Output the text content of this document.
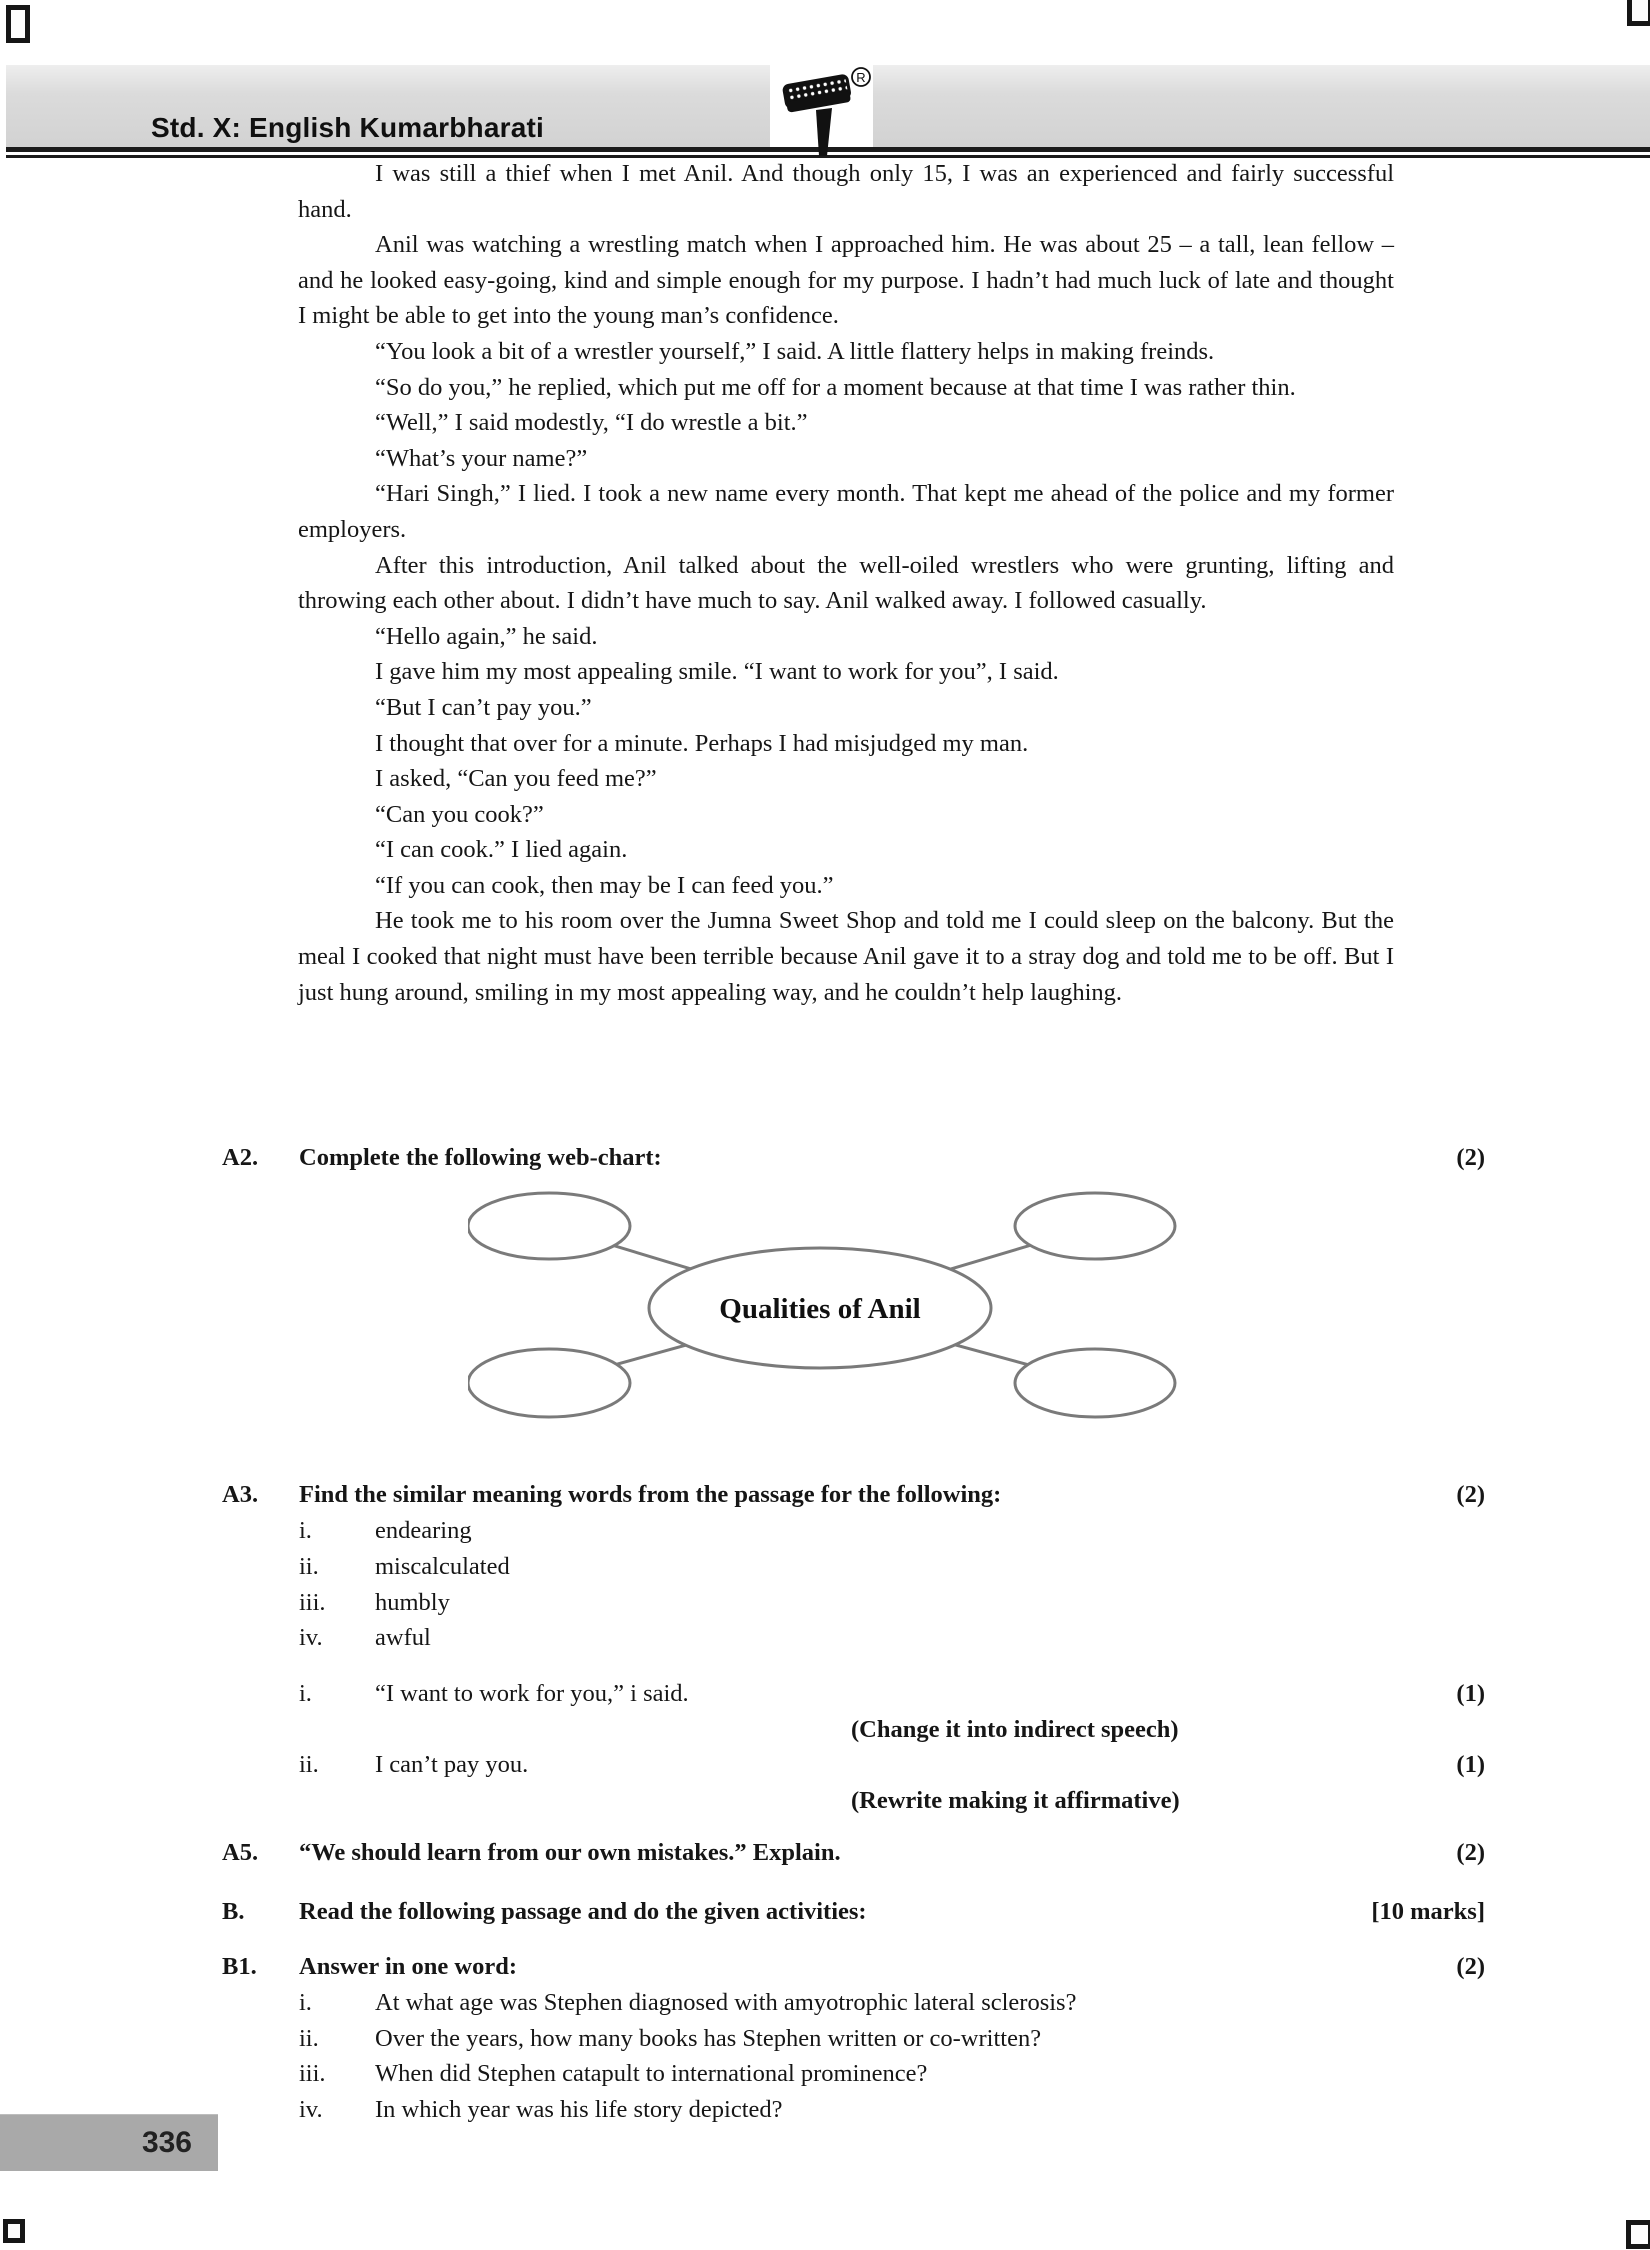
Std. X: English Kumarbharati
R

I was still a thief when I met Anil. And though only 15, I was an experienced and fairly successful hand.

Anil was watching a wrestling match when I approached him. He was about 25 – a tall, lean fellow – and he looked easy-going, kind and simple enough for my purpose. I hadn’t had much luck of late and thought I might be able to get into the young man’s confidence.

“You look a bit of a wrestler yourself,” I said. A little flattery helps in making freinds.

“So do you,” he replied, which put me off for a moment because at that time I was rather thin.

“Well,” I said modestly, “I do wrestle a bit.”

“What’s your name?”

“Hari Singh,” I lied. I took a new name every month. That kept me ahead of the police and my former employers.

After this introduction, Anil talked about the well-oiled wrestlers who were grunting, lifting and throwing each other about. I didn’t have much to say. Anil walked away. I followed casually.

“Hello again,” he said.

I gave him my most appealing smile. “I want to work for you”, I said.

“But I can’t pay you.”

I thought that over for a minute. Perhaps I had misjudged my man.

I asked, “Can you feed me?”

“Can you cook?”

“I can cook.” I lied again.

“If you can cook, then may be I can feed you.”

He took me to his room over the Jumna Sweet Shop and told me I could sleep on the balcony. But the meal I cooked that night must have been terrible because Anil gave it to a stray dog and told me to be off. But I just hung around, smiling in my most appealing way, and he couldn’t help laughing.

A2.	Complete the following web-chart:	(2)
Qualities of Anil
A3.	Find the similar meaning words from the passage for the following:	(2)
i.	endearing
ii.	miscalculated
iii.	humbly
iv.	awful
i.	“I want to work for you,” i said.	(1)
(Change it into indirect speech)
ii.	I can’t pay you.	(1)
(Rewrite making it affirmative)
A5.	“We should learn from our own mistakes.” Explain.	(2)
B.	Read the following passage and do the given activities:	[10 marks]
B1.	Answer in one word:	(2)
i.	At what age was Stephen diagnosed with amyotrophic lateral sclerosis?
ii.	Over the years, how many books has Stephen written or co-written?
iii.	When did Stephen catapult to international prominence?
iv.	In which year was his life story depicted?
336
